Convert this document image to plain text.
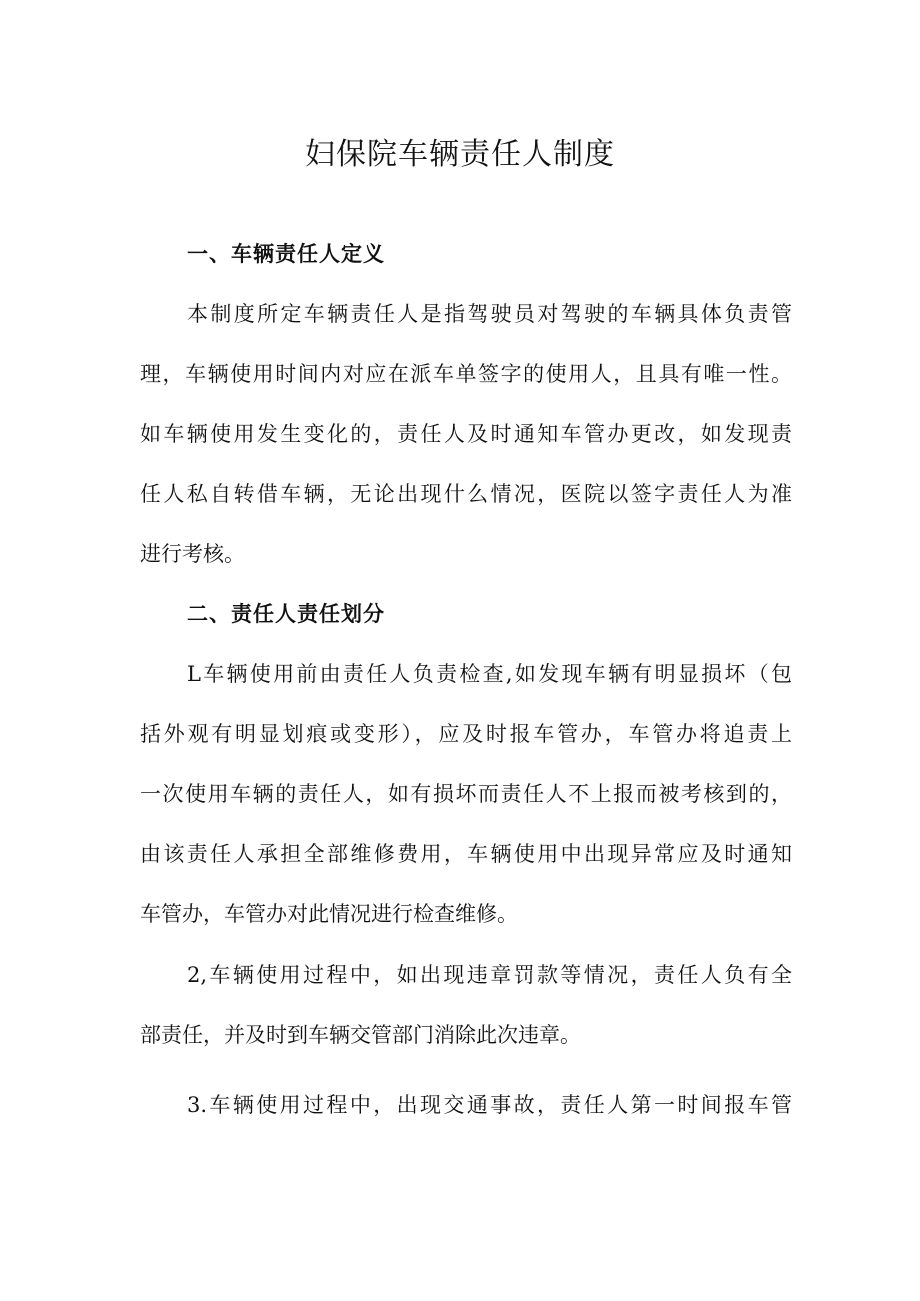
妇保院车辆责任人制度
一、车辆责任人定义

本制度所定车辆责任人是指驾驶员对驾驶的车辆具体负责管

理，车辆使用时间内对应在派车单签字的使用人，且具有唯一性。

如车辆使用发生变化的，责任人及时通知车管办更改，如发现责

任人私自转借车辆，无论出现什么情况，医院以签字责任人为准

进行考核。

二、责任人责任划分

L车辆使用前由责任人负责检查,如发现车辆有明显损坏（包

括外观有明显划痕或变形），应及时报车管办，车管办将追责上

一次使用车辆的责任人，如有损坏而责任人不上报而被考核到的，

由该责任人承担全部维修费用，车辆使用中出现异常应及时通知

车管办，车管办对此情况进行检查维修。

2,车辆使用过程中，如出现违章罚款等情况，责任人负有全

部责任，并及时到车辆交管部门消除此次违章。

3.车辆使用过程中，出现交通事故，责任人第一时间报车管
